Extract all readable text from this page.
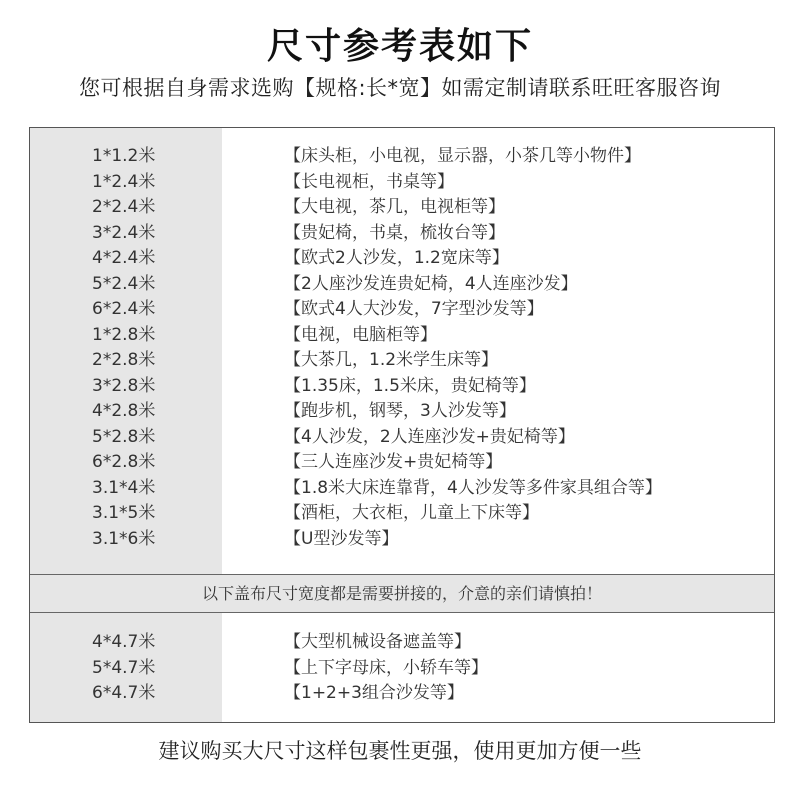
尺寸参考表如下
您可根据自身需求选购【规格:长*宽】如需定制请联系旺旺客服咨询
以下盖布尺寸宽度都是需要拼接的，介意的亲们请慎拍！
1*1.2米	【床头柜，小电视，显示器，小茶几等小物件】
1*2.4米	【长电视柜，书桌等】
2*2.4米	【大电视，茶几，电视柜等】
3*2.4米	【贵妃椅，书桌，梳妆台等】
4*2.4米	【欧式2人沙发，1.2宽床等】
5*2.4米	【2人座沙发连贵妃椅，4人连座沙发】
6*2.4米	【欧式4人大沙发，7字型沙发等】
1*2.8米	【电视，电脑柜等】
2*2.8米	【大茶几，1.2米学生床等】
3*2.8米	【1.35床，1.5米床，贵妃椅等】
4*2.8米	【跑步机，钢琴，3人沙发等】
5*2.8米	【4人沙发，2人连座沙发+贵妃椅等】
6*2.8米	【三人连座沙发+贵妃椅等】
3.1*4米	【1.8米大床连靠背，4人沙发等多件家具组合等】
3.1*5米	【酒柜，大衣柜，儿童上下床等】
3.1*6米	【U型沙发等】
4*4.7米	【大型机械设备遮盖等】
5*4.7米	【上下字母床，小轿车等】
6*4.7米	【1+2+3组合沙发等】
建议购买大尺寸这样包裹性更强，使用更加方便一些
